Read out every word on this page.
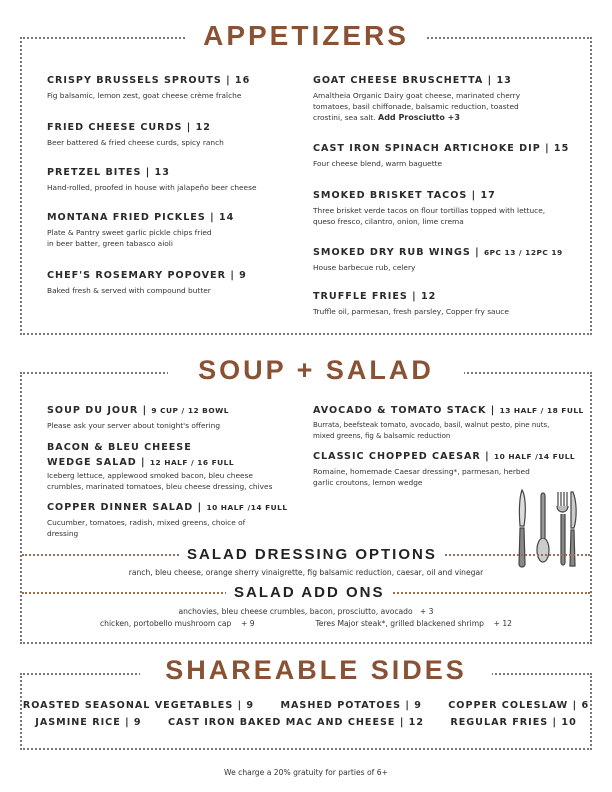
APPETIZERS
CRISPY BRUSSELS SPROUTS | 16
Fig balsamic, lemon zest, goat cheese crème fraîche
FRIED CHEESE CURDS | 12
Beer battered & fried cheese curds, spicy ranch
PRETZEL BITES | 13
Hand-rolled, proofed in house with jalapeño beer cheese
MONTANA FRIED PICKLES | 14
Plate & Pantry sweet garlic pickle chips fried
in beer batter, green tabasco aioli
CHEF'S ROSEMARY POPOVER | 9
Baked fresh & served with compound butter
GOAT CHEESE BRUSCHETTA | 13
Amaltheia Organic Dairy goat cheese, marinated cherry
tomatoes, basil chiffonade, balsamic reduction, toasted
crostini, sea salt. Add Prosciutto +3
CAST IRON SPINACH ARTICHOKE DIP | 15
Four cheese blend, warm baguette
SMOKED BRISKET TACOS | 17
Three brisket verde tacos on flour tortillas topped with lettuce,
queso fresco, cilantro, onion, lime crema
SMOKED DRY RUB WINGS | 6PC 13 / 12PC 19
House barbecue rub, celery
TRUFFLE FRIES | 12
Truffle oil, parmesan, fresh parsley, Copper fry sauce
SOUP + SALAD
SOUP DU JOUR | 9 CUP / 12 BOWL
Please ask your server about tonight's offering
BACON & BLEU CHEESE
WEDGE SALAD | 12 HALF / 16 FULL
Iceberg lettuce, applewood smoked bacon, bleu cheese
crumbles, marinated tomatoes, bleu cheese dressing, chives
COPPER DINNER SALAD | 10 HALF /14 FULL
Cucumber, tomatoes, radish, mixed greens, choice of
dressing
AVOCADO & TOMATO STACK | 13 HALF / 18 FULL
Burrata, beefsteak tomato, avocado, basil, walnut pesto, pine nuts,
mixed greens, fig & balsamic reduction
CLASSIC CHOPPED CAESAR | 10 HALF /14 FULL
Romaine, homemade Caesar dressing*, parmesan, herbed
garlic croutons, lemon wedge
SALAD DRESSING OPTIONS
ranch, bleu cheese, orange sherry vinaigrette, fig balsamic reduction, caesar, oil and vinegar
SALAD ADD ONS
anchovies, bleu cheese crumbles, bacon, prosciutto, avocado + 3
chicken, portobello mushroom cap + 9	Teres Major steak*, grilled blackened shrimp + 12
SHAREABLE SIDES
ROASTED SEASONAL VEGETABLES | 9	MASHED POTATOES | 9	COPPER COLESLAW | 6
JASMINE RICE | 9	CAST IRON BAKED MAC AND CHEESE | 12	REGULAR FRIES | 10
We charge a 20% gratuity for parties of 6+
